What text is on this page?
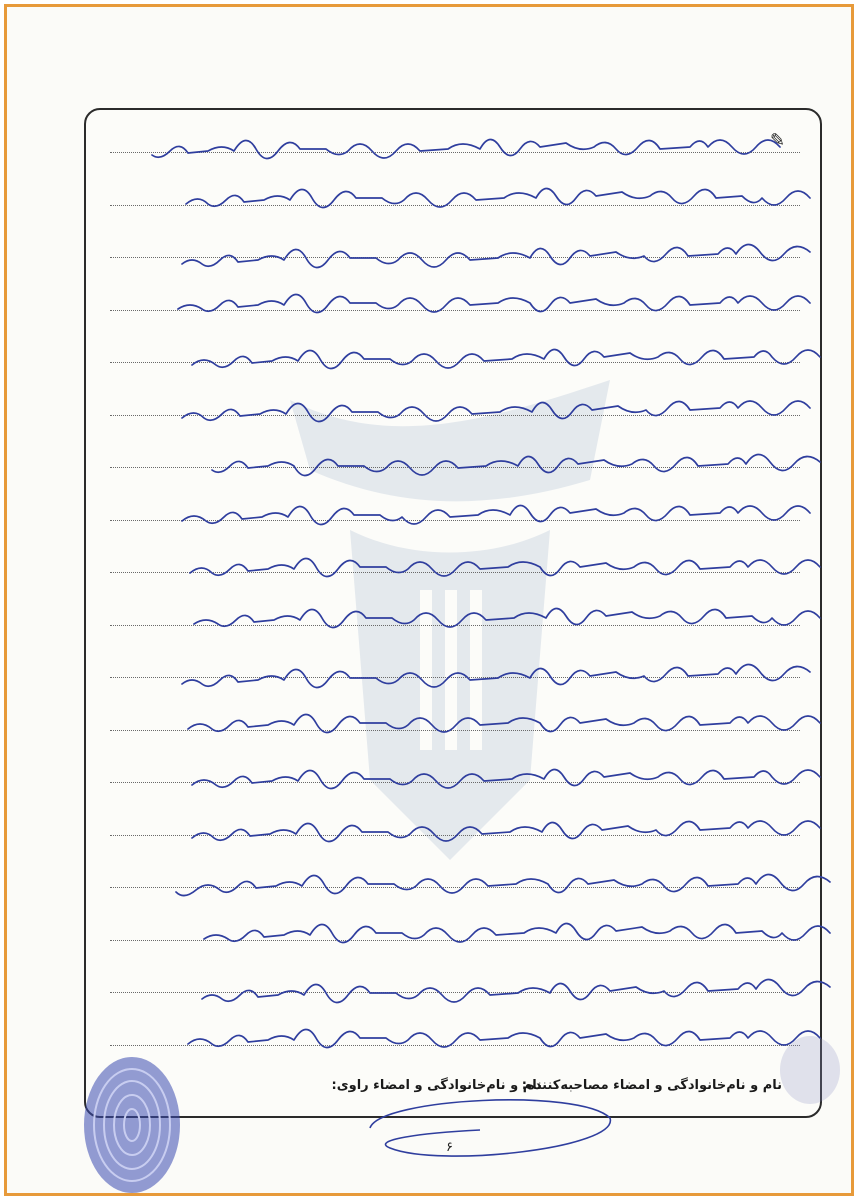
✎
نام و نام‌خانوادگی و امضاء مصاحبه‌کننده:
نام و نام‌خانوادگی و امضاء راوی:
۶
